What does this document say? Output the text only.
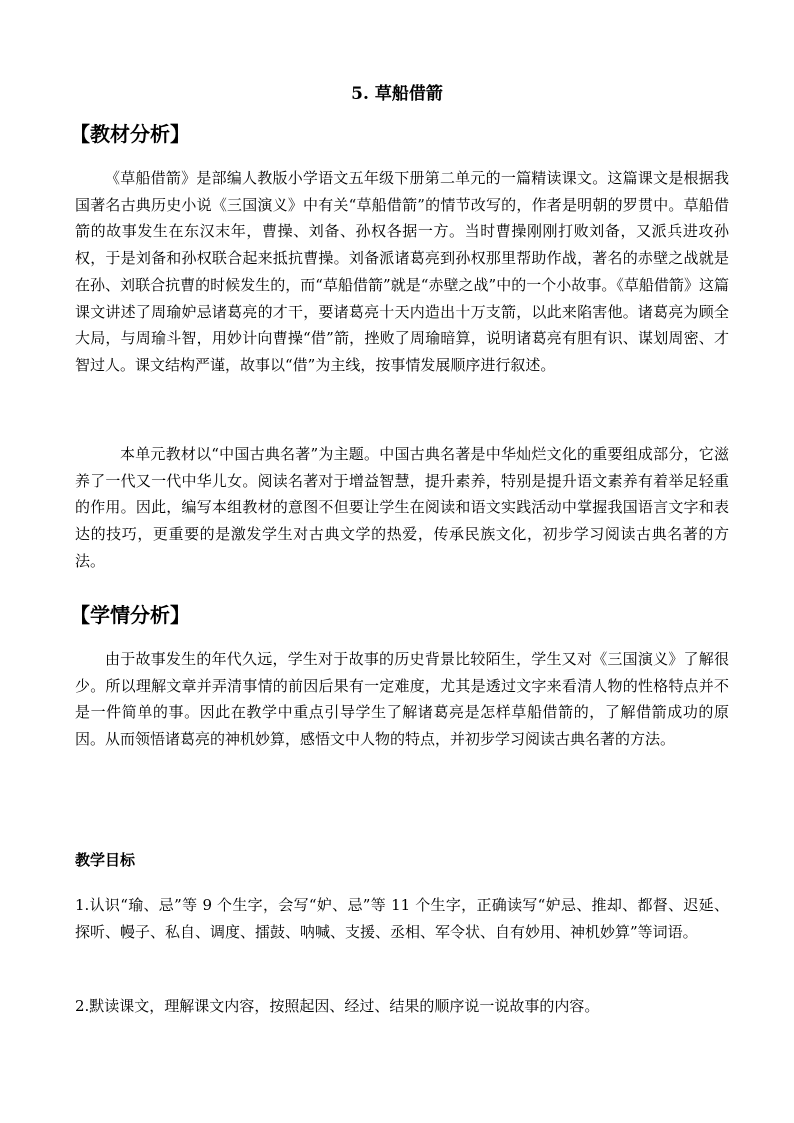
5. 草船借箭
【教材分析】

《草船借箭》是部编人教版小学语文五年级下册第二单元的一篇精读课文。这篇课文是根据我国著名古典历史小说《三国演义》中有关“草船借箭”的情节改写的，作者是明朝的罗贯中。草船借箭的故事发生在东汉末年，曹操、刘备、孙权各据一方。当时曹操刚刚打败刘备，又派兵进攻孙权，于是刘备和孙权联合起来抵抗曹操。刘备派诸葛亮到孙权那里帮助作战，著名的赤壁之战就是在孙、刘联合抗曹的时候发生的，而“草船借箭”就是“赤壁之战”中的一个小故事。《草船借箭》这篇课文讲述了周瑜妒忌诸葛亮的才干，要诸葛亮十天内造出十万支箭，以此来陷害他。诸葛亮为顾全大局，与周瑜斗智，用妙计向曹操“借”箭，挫败了周瑜暗算，说明诸葛亮有胆有识、谋划周密、才智过人。课文结构严谨，故事以“借”为主线，按事情发展顺序进行叙述。

本单元教材以“中国古典名著”为主题。中国古典名著是中华灿烂文化的重要组成部分，它滋养了一代又一代中华儿女。阅读名著对于增益智慧，提升素养，特别是提升语文素养有着举足轻重的作用。因此，编写本组教材的意图不但要让学生在阅读和语文实践活动中掌握我国语言文字和表达的技巧，更重要的是激发学生对古典文学的热爱，传承民族文化，初步学习阅读古典名著的方法。

【学情分析】

由于故事发生的年代久远，学生对于故事的历史背景比较陌生，学生又对《三国演义》了解很少。所以理解文章并弄清事情的前因后果有一定难度，尤其是透过文字来看清人物的性格特点并不是一件简单的事。因此在教学中重点引导学生了解诸葛亮是怎样草船借箭的，了解借箭成功的原因。从而领悟诸葛亮的神机妙算，感悟文中人物的特点，并初步学习阅读古典名著的方法。

教学目标

1.认识“瑜、忌”等 9 个生字，会写“妒、忌”等 11 个生字，正确读写“妒忌、推却、都督、迟延、探听、幔子、私自、调度、擂鼓、呐喊、支援、丞相、军令状、自有妙用、神机妙算”等词语。

2.默读课文，理解课文内容，按照起因、经过、结果的顺序说一说故事的内容。
